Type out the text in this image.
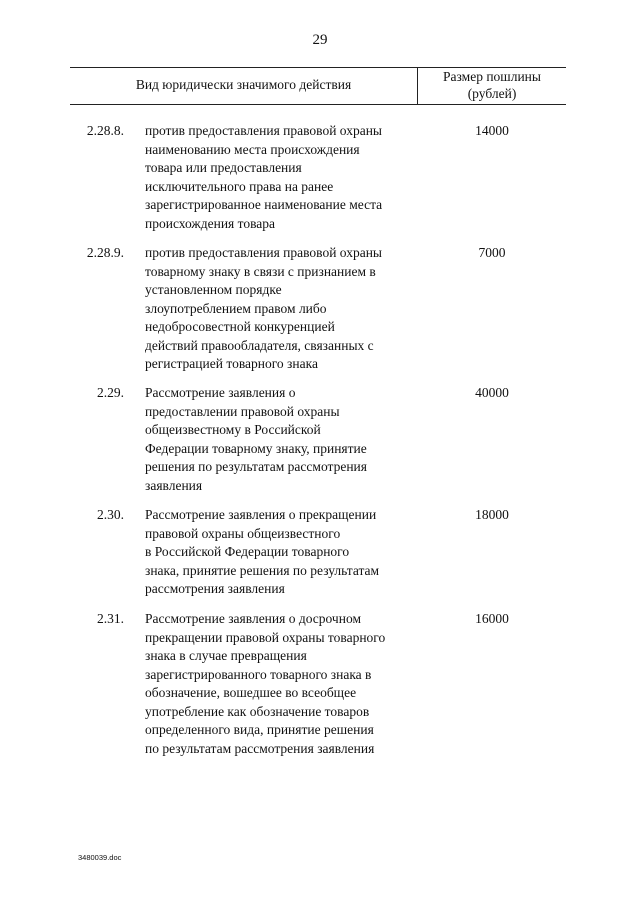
29
Вид юридически значимого действия
Размер пошлины
(рублей)
2.28.8. против предоставления правовой охраны
наименованию места происхождения
товара или предоставления
исключительного права на ранее
зарегистрированное наименование места
происхождения товара
14000
2.28.9. против предоставления правовой охраны
товарному знаку в связи с признанием в
установленном порядке
злоупотреблением правом либо
недобросовестной конкуренцией
действий правообладателя, связанных с
регистрацией товарного знака
7000
2.29. Рассмотрение заявления о
предоставлении правовой охраны
общеизвестному в Российской
Федерации товарному знаку, принятие
решения по результатам рассмотрения
заявления
40000
2.30. Рассмотрение заявления о прекращении
правовой охраны общеизвестного
в Российской Федерации товарного
знака, принятие решения по результатам
рассмотрения заявления
18000
2.31. Рассмотрение заявления о досрочном
прекращении правовой охраны товарного
знака в случае превращения
зарегистрированного товарного знака в
обозначение, вошедшее во всеобщее
употребление как обозначение товаров
определенного вида, принятие решения
по результатам рассмотрения заявления
16000
3480039.doc
